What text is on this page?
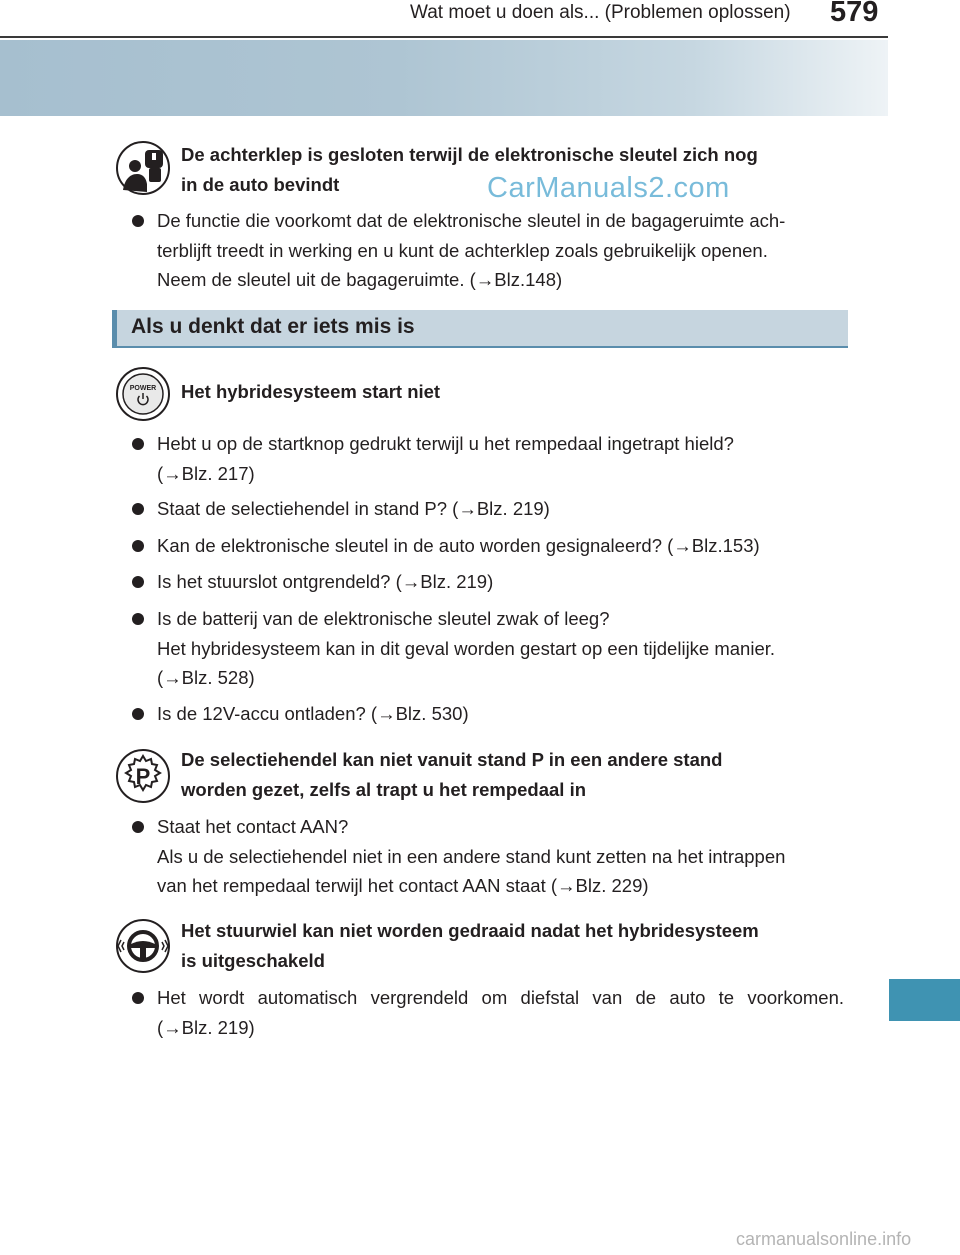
Wat moet u doen als... (Problemen oplossen) 579
CarManuals2.com
carmanualsonline.info
De achterklep is gesloten terwijl de elektronische sleutel zich nog
in de auto bevindt
De functie die voorkomt dat de elektronische sleutel in de bagageruimte ach-
terblijft treedt in werking en u kunt de achterklep zoals gebruikelijk openen.
Neem de sleutel uit de bagageruimte. (→Blz.148)
Als u denkt dat er iets mis is
POWER Het hybridesysteem start niet
Hebt u op de startknop gedrukt terwijl u het rempedaal ingetrapt hield?
(→Blz. 217)
Staat de selectiehendel in stand P? (→Blz. 219)
Kan de elektronische sleutel in de auto worden gesignaleerd? (→Blz.153)
Is het stuurslot ontgrendeld? (→Blz. 219)
Is de batterij van de elektronische sleutel zwak of leeg?
Het hybridesysteem kan in dit geval worden gestart op een tijdelijke manier.
(→Blz. 528)
Is de 12V-accu ontladen? (→Blz. 530)
P
De selectiehendel kan niet vanuit stand P in een andere stand
worden gezet, zelfs al trapt u het rempedaal in
Staat het contact AAN?
Als u de selectiehendel niet in een andere stand kunt zetten na het intrappen
van het rempedaal terwijl het contact AAN staat (→Blz. 229)
Het stuurwiel kan niet worden gedraaid nadat het hybridesysteem
is uitgeschakeld
Het wordt automatisch vergrendeld om diefstal van de auto te voorkomen.
(→Blz. 219)
